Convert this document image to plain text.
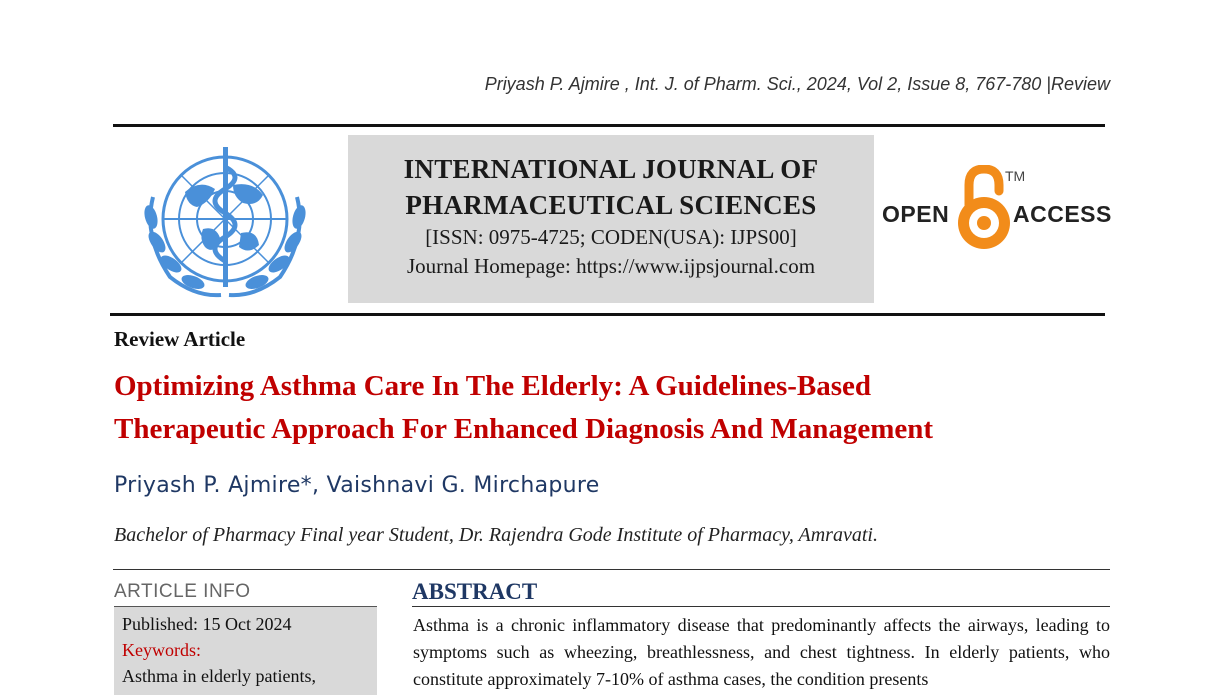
Priyash P. Ajmire , Int. J. of Pharm. Sci., 2024, Vol 2, Issue 8, 767-780 |Review
INTERNATIONAL JOURNAL OF
PHARMACEUTICAL SCIENCES
[ISSN: 0975-4725; CODEN(USA): IJPS00]
Journal Homepage: https://www.ijpsjournal.com
OPEN
TM
ACCESS
Review Article
Optimizing Asthma Care In The Elderly: A Guidelines-Based
Therapeutic Approach For Enhanced Diagnosis And Management
Priyash P. Ajmire*, Vaishnavi G. Mirchapure
Bachelor of Pharmacy Final year Student, Dr. Rajendra Gode Institute of Pharmacy, Amravati.
ARTICLE INFO
Published: 15 Oct 2024
Keywords:
Asthma in elderly patients,
ABSTRACT
Asthma is a chronic inflammatory disease that predominantly affects the airways, leading to symptoms such as wheezing, breathlessness, and chest tightness. In elderly patients, who constitute approximately 7-10% of asthma cases, the condition presents
